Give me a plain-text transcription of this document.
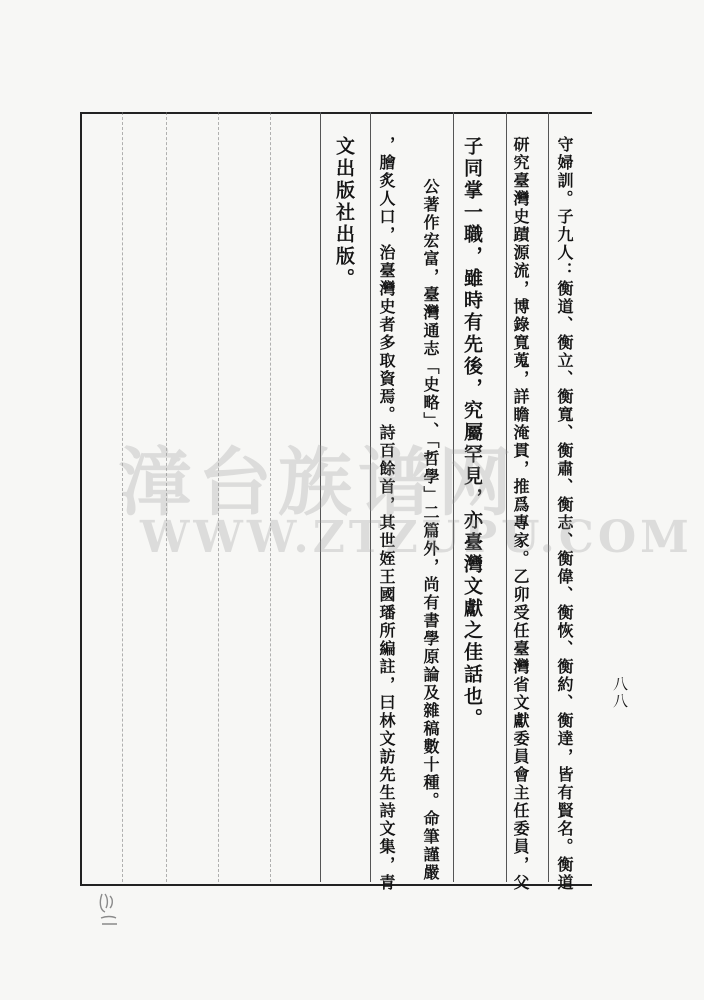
守婦訓。子九人：衡道、衡立、衡寬、衡肅、衡志、衡偉、衡恢、衡約、衡達，皆有賢名。衡道
研究臺灣史蹟源流，博錄寬蒐，詳瞻淹貫，推爲專家。乙卯受任臺灣省文獻委員會主任委員，父
子同掌一職，雖時有先後，究屬罕見，亦臺灣文獻之佳話也。
公著作宏富，臺灣通志「史略」、「哲學」二篇外，尚有書學原論及雜稿數十種。命筆謹嚴
，膾炙人口，治臺灣史者多取資焉。詩百餘首，其世姪王國璠所編註，曰林文訪先生詩文集，青
文出版社出版。
八八
漳台族谱网
WWW.ZTZUPU.COM
